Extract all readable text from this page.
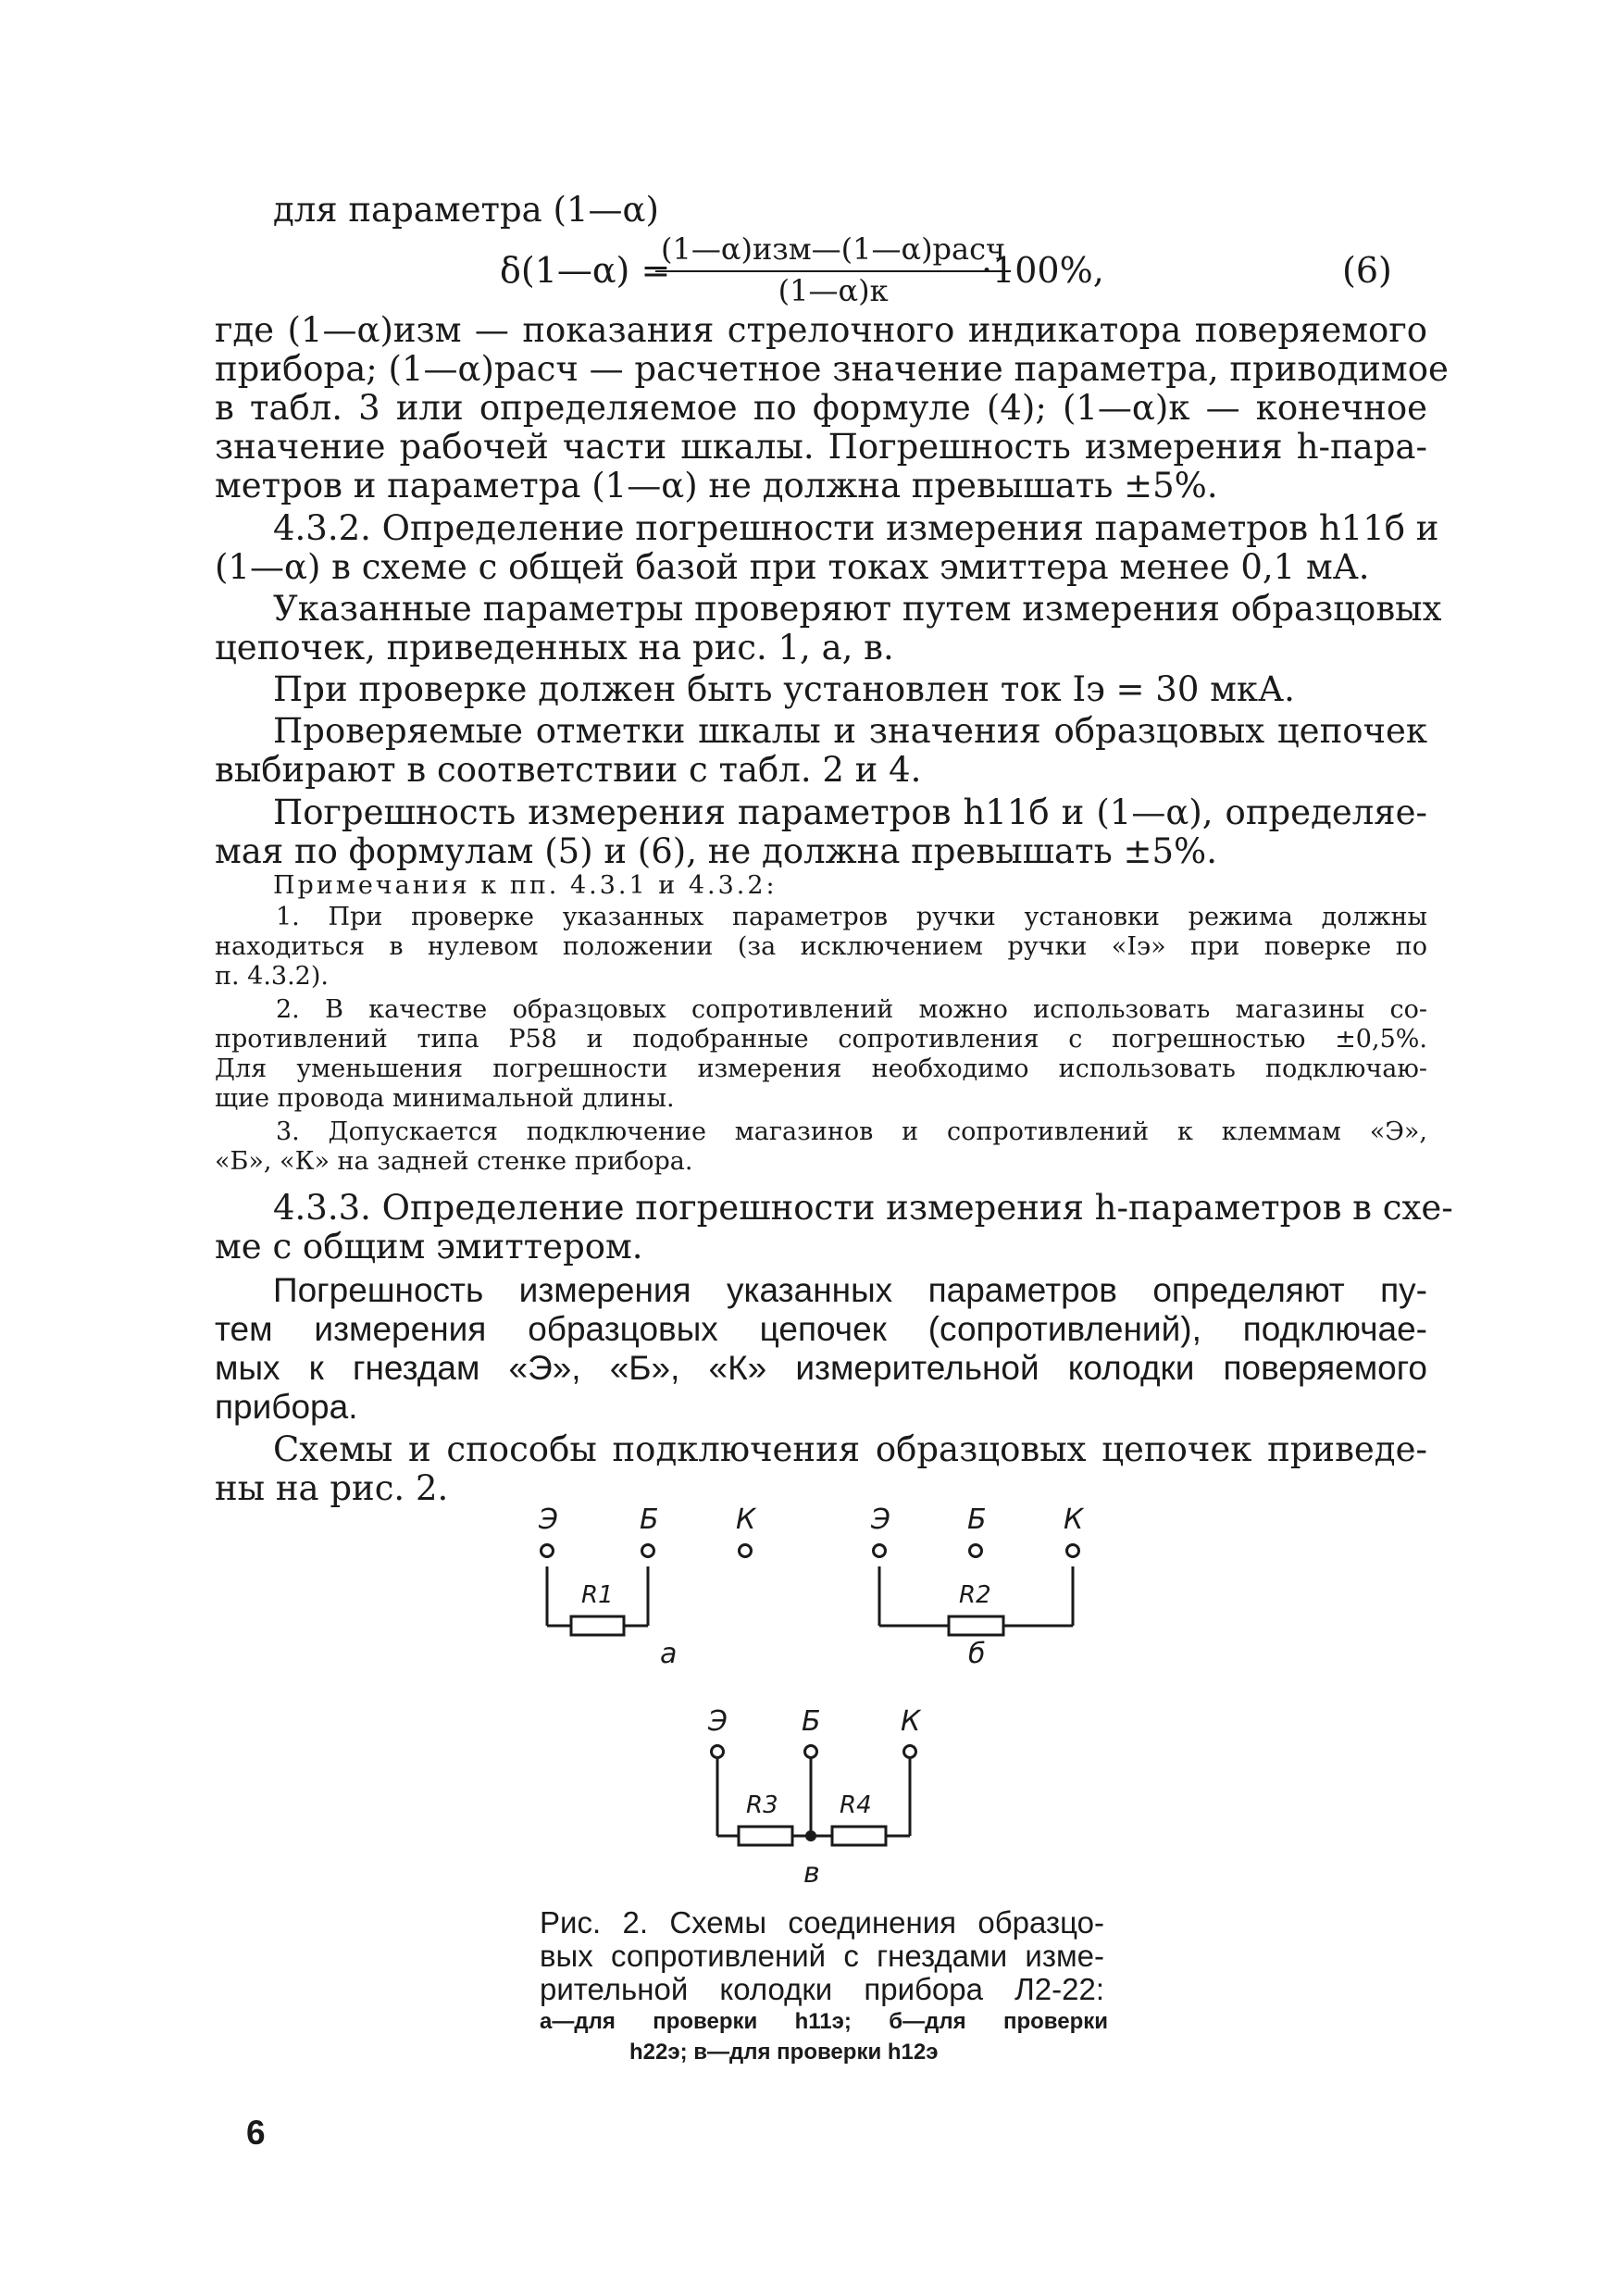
для параметра (1—α)
δ(1—α) =
(1—α)изм—(1—α)расч
(1—α)к	·100%,	(6)
где (1—α)изм — показания стрелочного индикатора поверяемого
прибора; (1—α)расч — расчетное значение параметра, приводимое
в табл. 3 или определяемое по формуле (4); (1—α)к — конечное
значение рабочей части шкалы. Погрешность измерения h-пара-
метров и параметра (1—α) не должна превышать ±5%.
4.3.2. Определение погрешности измерения параметров h11б и
(1—α) в схеме с общей базой при токах эмиттера менее 0,1 мА.
Указанные параметры проверяют путем измерения образцовых
цепочек, приведенных на рис. 1, а, в.
При проверке должен быть установлен ток Iэ = 30 мкА.
Проверяемые отметки шкалы и значения образцовых цепочек
выбирают в соответствии с табл. 2 и 4.
Погрешность измерения параметров h11б и (1—α), определяе-
мая по формулам (5) и (6), не должна превышать ±5%.
Примечания к пп. 4.3.1 и 4.3.2:
1. При проверке указанных параметров ручки установки режима должны
находиться в нулевом положении (за исключением ручки «Iэ» при поверке по
п. 4.3.2).
2. В качестве образцовых сопротивлений можно использовать магазины со-
противлений типа Р58 и подобранные сопротивления с погрешностью ±0,5%.
Для уменьшения погрешности измерения необходимо использовать подключаю-
щие провода минимальной длины.
3. Допускается подключение магазинов и сопротивлений к клеммам «Э»,
«Б», «К» на задней стенке прибора.
4.3.3. Определение погрешности измерения h-параметров в схе-
ме с общим эмиттером.
Погрешность измерения указанных параметров определяют пу-
тем измерения образцовых цепочек (сопротивлений), подключае-
мых к гнездам «Э», «Б», «К» измерительной колодки поверяемого
прибора.
Схемы и способы подключения образцовых цепочек приведе-
ны на рис. 2.
Э	Б	К	Э	Б	К
Э	Б	К
R1	R2
R3	R4
а	б
в
Рис. 2. Схемы соединения образцо-
вых сопротивлений с гнездами изме-
рительной колодки прибора Л2-22:
а—для проверки h11э; б—для проверки
h22э; в—для проверки h12э
6
